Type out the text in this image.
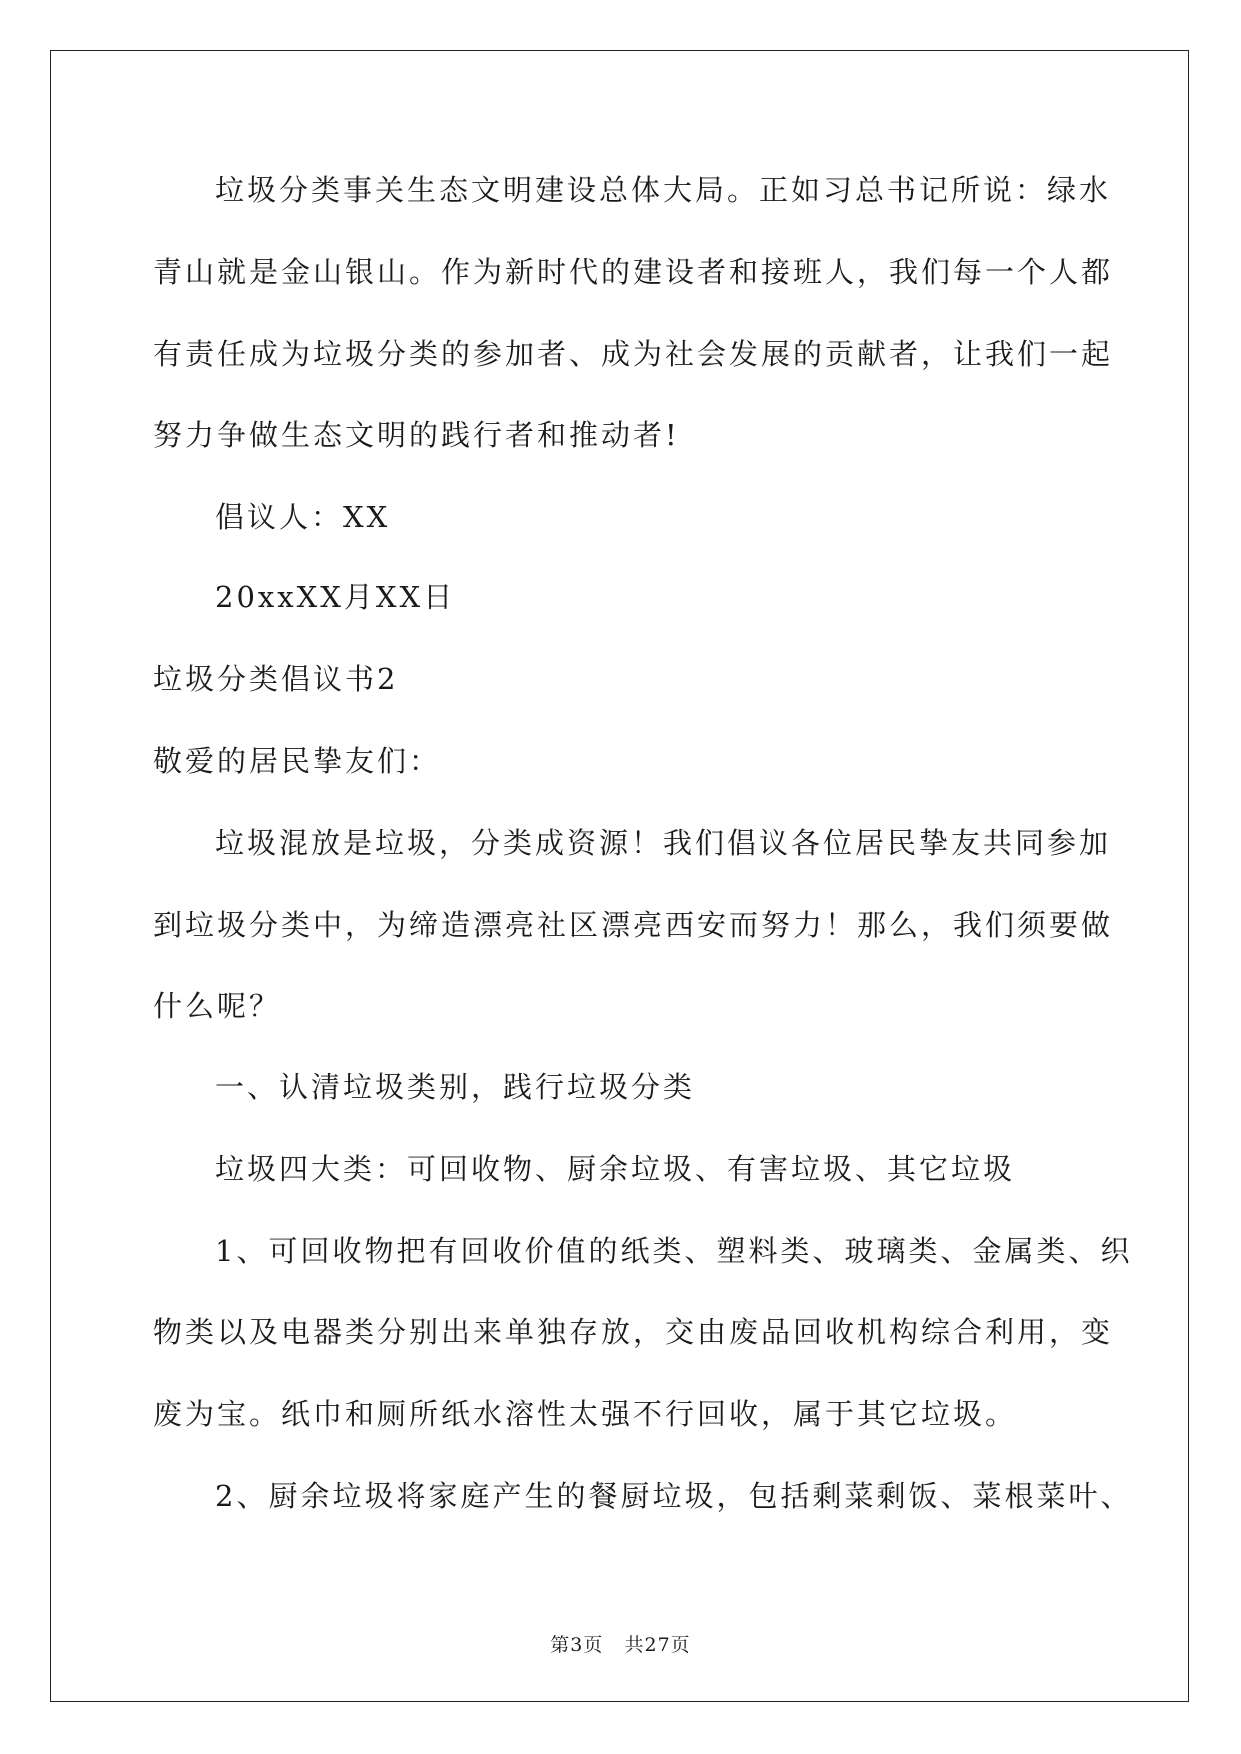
垃圾分类事关生态文明建设总体大局。正如习总书记所说：绿水
青山就是金山银山。作为新时代的建设者和接班人，我们每一个人都
有责任成为垃圾分类的参加者、成为社会发展的贡献者，让我们一起
努力争做生态文明的践行者和推动者!
倡议人：XX
20xxXX月XX日
垃圾分类倡议书2
敬爱的居民挚友们：
垃圾混放是垃圾，分类成资源！我们倡议各位居民挚友共同参加
到垃圾分类中，为缔造漂亮社区漂亮西安而努力！那么，我们须要做
什么呢？
一、认清垃圾类别，践行垃圾分类
垃圾四大类：可回收物、厨余垃圾、有害垃圾、其它垃圾
1、可回收物把有回收价值的纸类、塑料类、玻璃类、金属类、织
物类以及电器类分别出来单独存放，交由废品回收机构综合利用，变
废为宝。纸巾和厕所纸水溶性太强不行回收，属于其它垃圾。
2、厨余垃圾将家庭产生的餐厨垃圾，包括剩菜剩饭、菜根菜叶、
第3页   共27页
